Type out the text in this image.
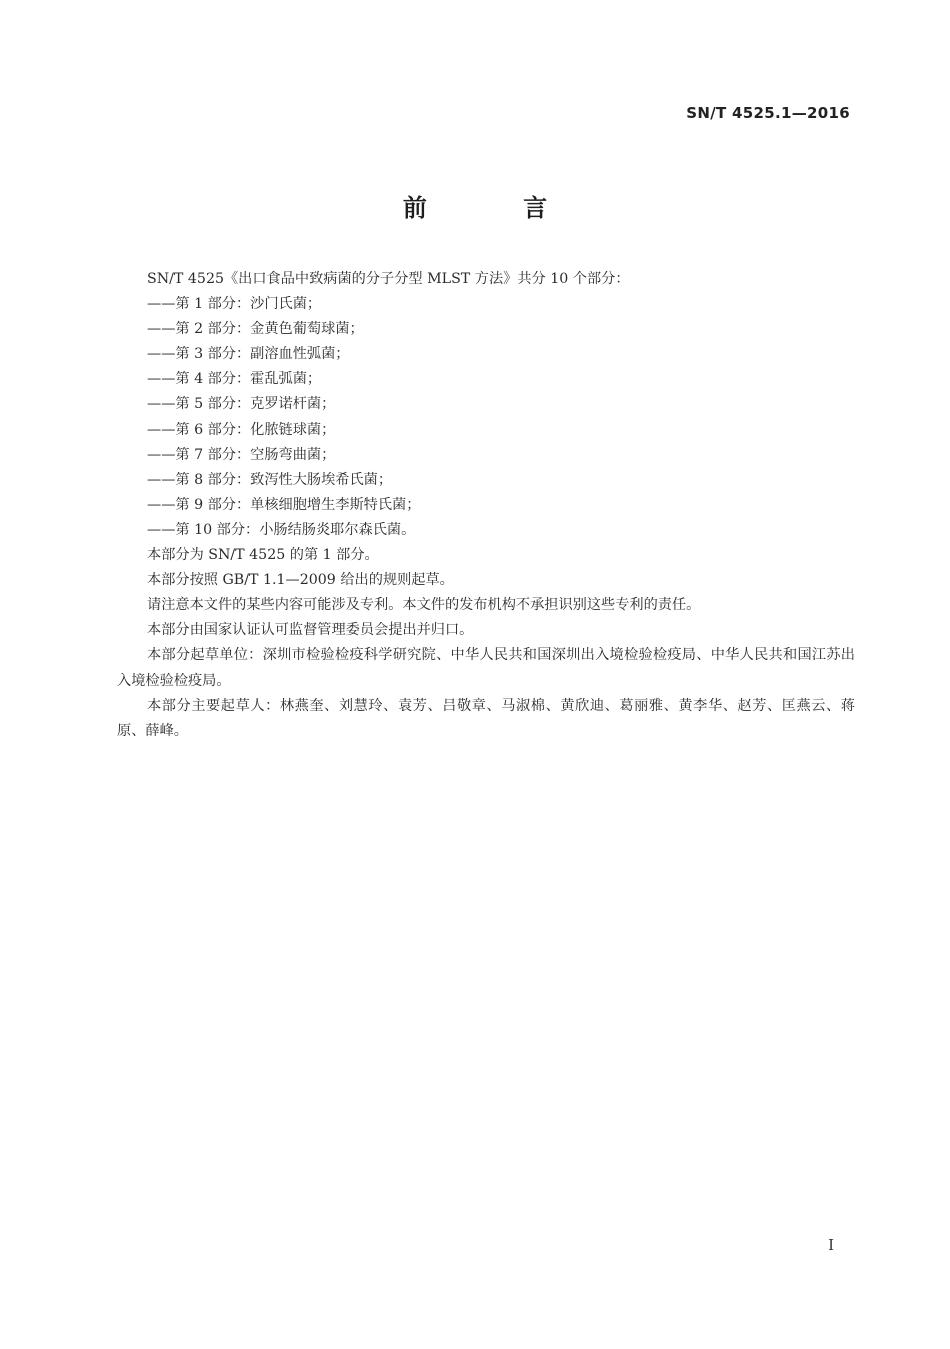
SN/T 4525.1—2016
前 言

SN/T 4525《出口食品中致病菌的分子分型 MLST 方法》共分 10 个部分：

——第 1 部分：沙门氏菌；
——第 2 部分：金黄色葡萄球菌；
——第 3 部分：副溶血性弧菌；
——第 4 部分：霍乱弧菌；
——第 5 部分：克罗诺杆菌；
——第 6 部分：化脓链球菌；
——第 7 部分：空肠弯曲菌；
——第 8 部分：致泻性大肠埃希氏菌；
——第 9 部分：单核细胞增生李斯特氏菌；
——第 10 部分：小肠结肠炎耶尔森氏菌。

本部分为 SN/T 4525 的第 1 部分。

本部分按照 GB/T 1.1—2009 给出的规则起草。

请注意本文件的某些内容可能涉及专利。本文件的发布机构不承担识别这些专利的责任。

本部分由国家认证认可监督管理委员会提出并归口。

本部分起草单位：深圳市检验检疫科学研究院、中华人民共和国深圳出入境检验检疫局、中华人民共和国江苏出入境检验检疫局。

本部分主要起草人：林燕奎、刘慧玲、袁芳、吕敬章、马淑棉、黄欣迪、葛丽雅、黄李华、赵芳、匡燕云、蒋原、薛峰。

I
